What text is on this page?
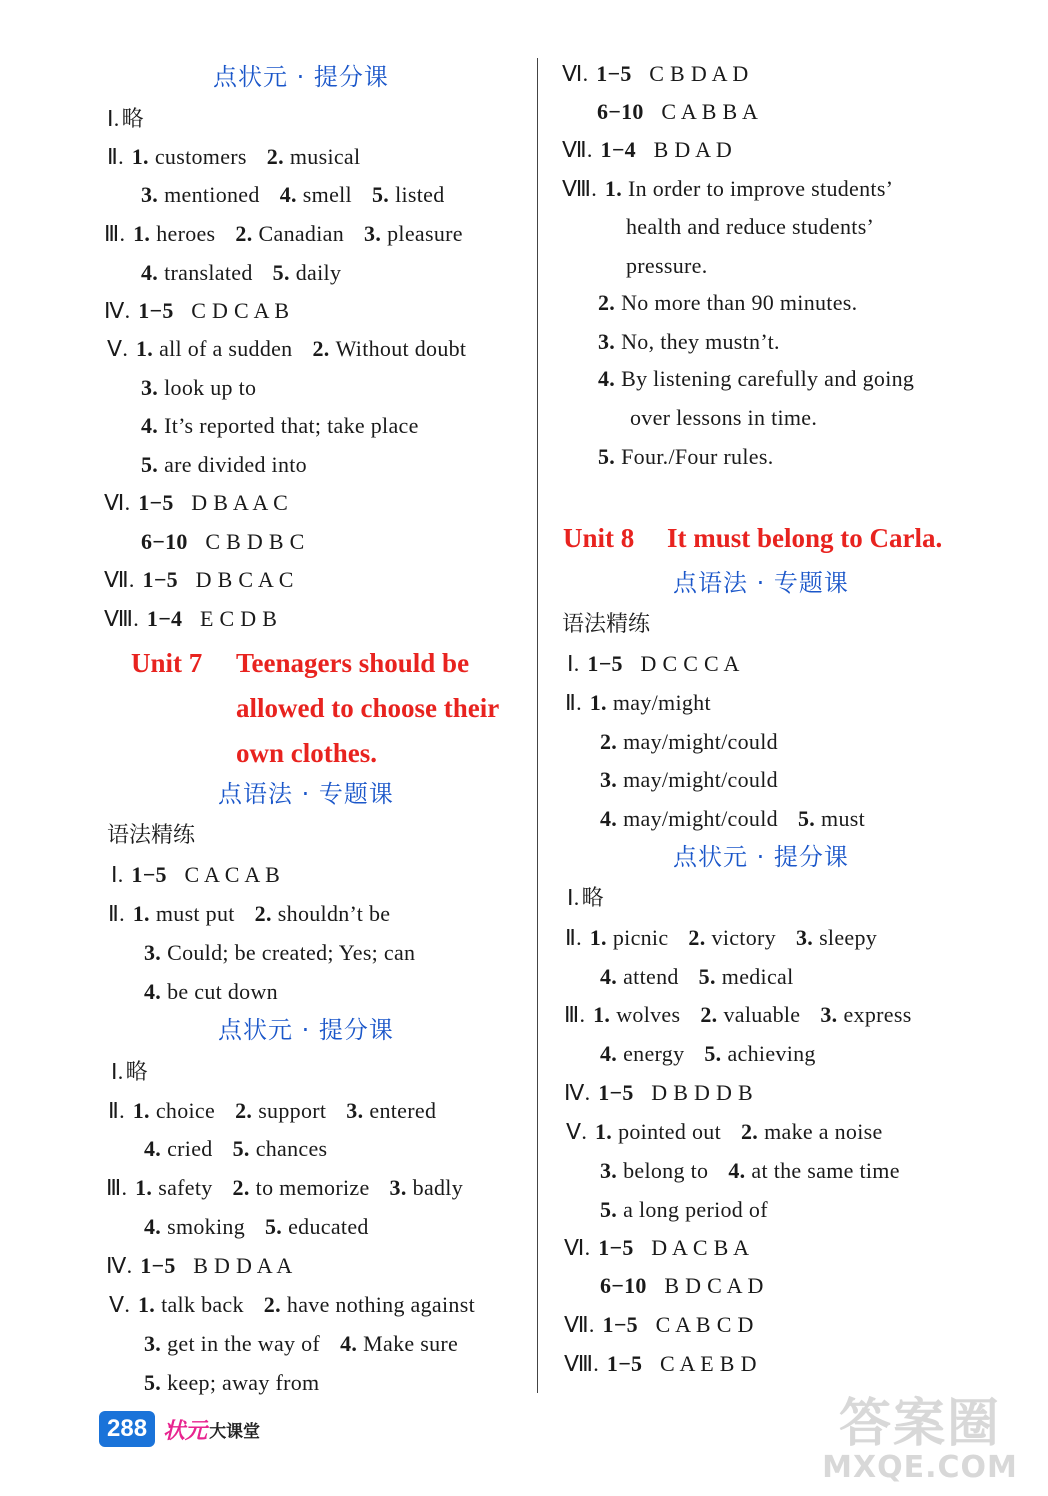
点状元 · 提分课
Ⅰ.略
Ⅱ. 1. customers 2. musical
3. mentioned 4. smell 5. listed
Ⅲ. 1. heroes 2. Canadian 3. pleasure
4. translated 5. daily
Ⅳ. 1−5 C D C A B
Ⅴ. 1. all of a sudden 2. Without doubt
3. look up to
4. It’s reported that; take place
5. are divided into
Ⅵ. 1−5 D B A A C
6−10 C B D B C
Ⅶ. 1−5 D B C A C
Ⅷ. 1−4 E C D B
Unit 7 Teenagers should be
allowed to choose their
own clothes.
点语法 · 专题课
语法精练
Ⅰ. 1−5 C A C A B
Ⅱ. 1. must put 2. shouldn’t be
3. Could; be created; Yes; can
4. be cut down
点状元 · 提分课
Ⅰ.略
Ⅱ. 1. choice 2. support 3. entered
4. cried 5. chances
Ⅲ. 1. safety 2. to memorize 3. badly
4. smoking 5. educated
Ⅳ. 1−5 B D D A A
Ⅴ. 1. talk back 2. have nothing against
3. get in the way of 4. Make sure
5. keep; away from
Ⅵ. 1−5 C B D A D
6−10 C A B B A
Ⅶ. 1−4 B D A D
Ⅷ. 1. In order to improve students’
health and reduce students’
pressure.
2. No more than 90 minutes.
3. No, they mustn’t.
4. By listening carefully and going
over lessons in time.
5. Four./Four rules.
Unit 8 It must belong to Carla.
点语法 · 专题课
语法精练
Ⅰ. 1−5 D C C C A
Ⅱ. 1. may/might
2. may/might/could
3. may/might/could
4. may/might/could 5. must
点状元 · 提分课
Ⅰ.略
Ⅱ. 1. picnic 2. victory 3. sleepy
4. attend 5. medical
Ⅲ. 1. wolves 2. valuable 3. express
4. energy 5. achieving
Ⅳ. 1−5 D B D D B
Ⅴ. 1. pointed out 2. make a noise
3. belong to 4. at the same time
5. a long period of
Ⅵ. 1−5 D A C B A
6−10 B D C A D
Ⅶ. 1−5 C A B C D
Ⅷ. 1−5 C A E B D
288 状元 大课堂	答案圈
MXQE.COM
